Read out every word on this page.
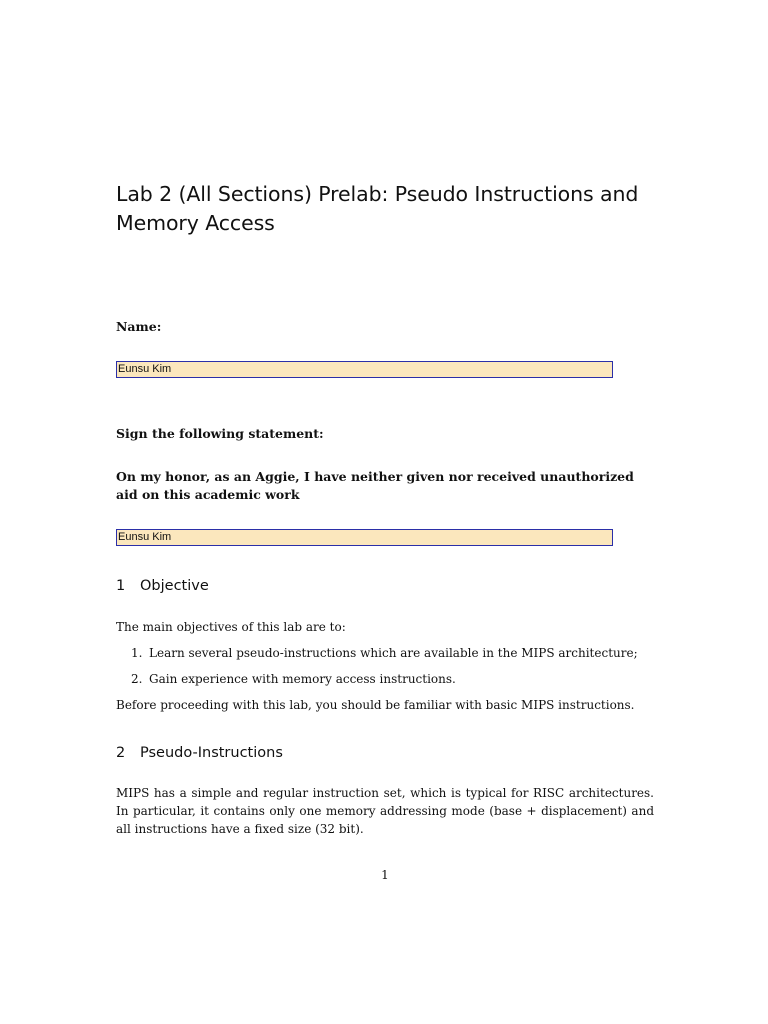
Lab 2 (All Sections) Prelab: Pseudo Instructions and Memory Access

Name:

Eunsu Kim

Sign the following statement:

On my honor, as an Aggie, I have neither given nor received unauthorized aid on this academic work

Eunsu Kim
1 Objective

The main objectives of this lab are to:

1. Learn several pseudo-instructions which are available in the MIPS architecture;
2. Gain experience with memory access instructions.

Before proceeding with this lab, you should be familiar with basic MIPS instructions.

2 Pseudo-Instructions

MIPS has a simple and regular instruction set, which is typical for RISC architectures. In particular, it contains only one memory addressing mode (base + displacement) and all instructions have a fixed size (32 bit).

1
